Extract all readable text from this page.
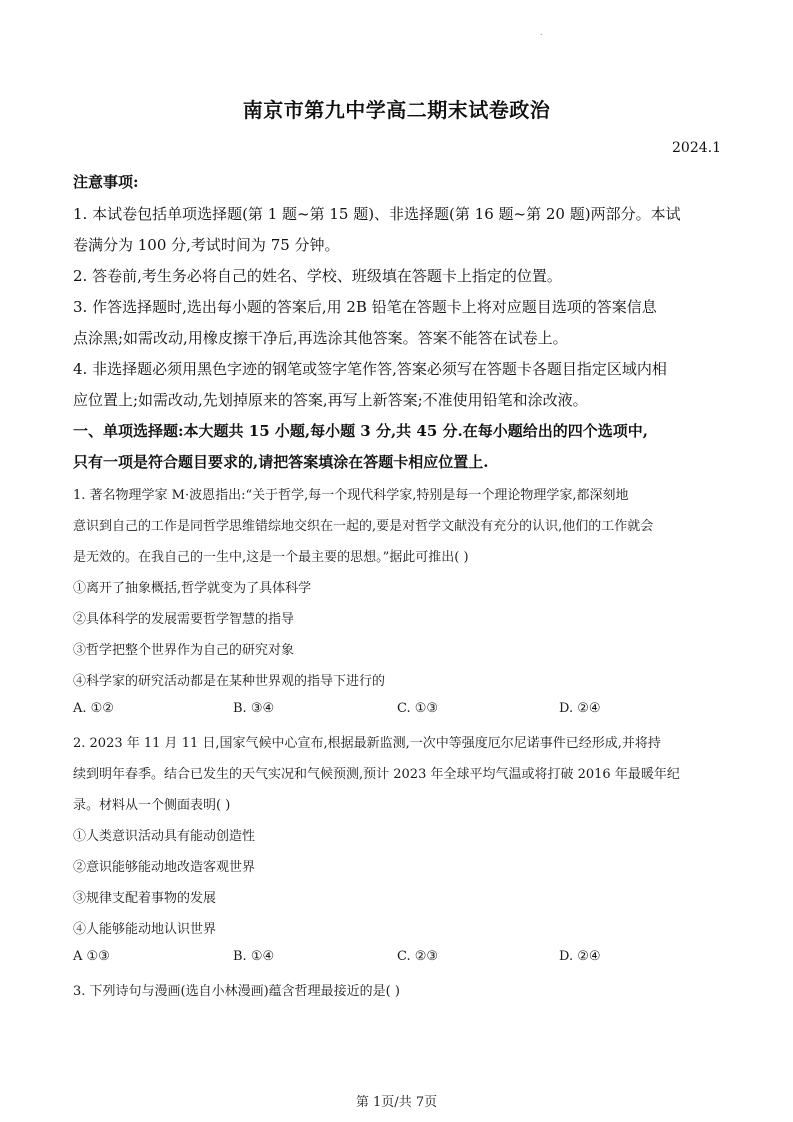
.
南京市第九中学高二期末试卷政治
2024.1
注意事项:
1. 本试卷包括单项选择题(第 1 题~第 15 题)、非选择题(第 16 题~第 20 题)两部分。本试
卷满分为 100 分,考试时间为 75 分钟。
2. 答卷前,考生务必将自己的姓名、学校、班级填在答题卡上指定的位置。
3. 作答选择题时,选出每小题的答案后,用 2B 铅笔在答题卡上将对应题目选项的答案信息
点涂黑;如需改动,用橡皮擦干净后,再选涂其他答案。答案不能答在试卷上。
4. 非选择题必须用黑色字迹的钢笔或签字笔作答,答案必须写在答题卡各题目指定区域内相
应位置上;如需改动,先划掉原来的答案,再写上新答案;不准使用铅笔和涂改液。
一、单项选择题:本大题共 15 小题,每小题 3 分,共 45 分.在每小题给出的四个选项中,
只有一项是符合题目要求的,请把答案填涂在答题卡相应位置上.
1. 著名物理学家 M·波恩指出:“关于哲学,每一个现代科学家,特别是每一个理论物理学家,都深刻地
意识到自己的工作是同哲学思维错综地交织在一起的,要是对哲学文献没有充分的认识,他们的工作就会
是无效的。在我自己的一生中,这是一个最主要的思想。”据此可推出( )
①离开了抽象概括,哲学就变为了具体科学
②具体科学的发展需要哲学智慧的指导
③哲学把整个世界作为自己的研究对象
④科学家的研究活动都是在某种世界观的指导下进行的
A. ①②	B. ③④	C. ①③	D. ②④
2. 2023 年 11 月 11 日,国家气候中心宣布,根据最新监测,一次中等强度厄尔尼诺事件已经形成,并将持
续到明年春季。结合已发生的天气实况和气候预测,预计 2023 年全球平均气温或将打破 2016 年最暖年纪
录。材料从一个侧面表明( )
①人类意识活动具有能动创造性
②意识能够能动地改造客观世界
③规律支配着事物的发展
④人能够能动地认识世界
A ①③	B. ①④	C. ②③	D. ②④
3. 下列诗句与漫画(选自小林漫画)蕴含哲理最接近的是( )
第 1页/共 7页
